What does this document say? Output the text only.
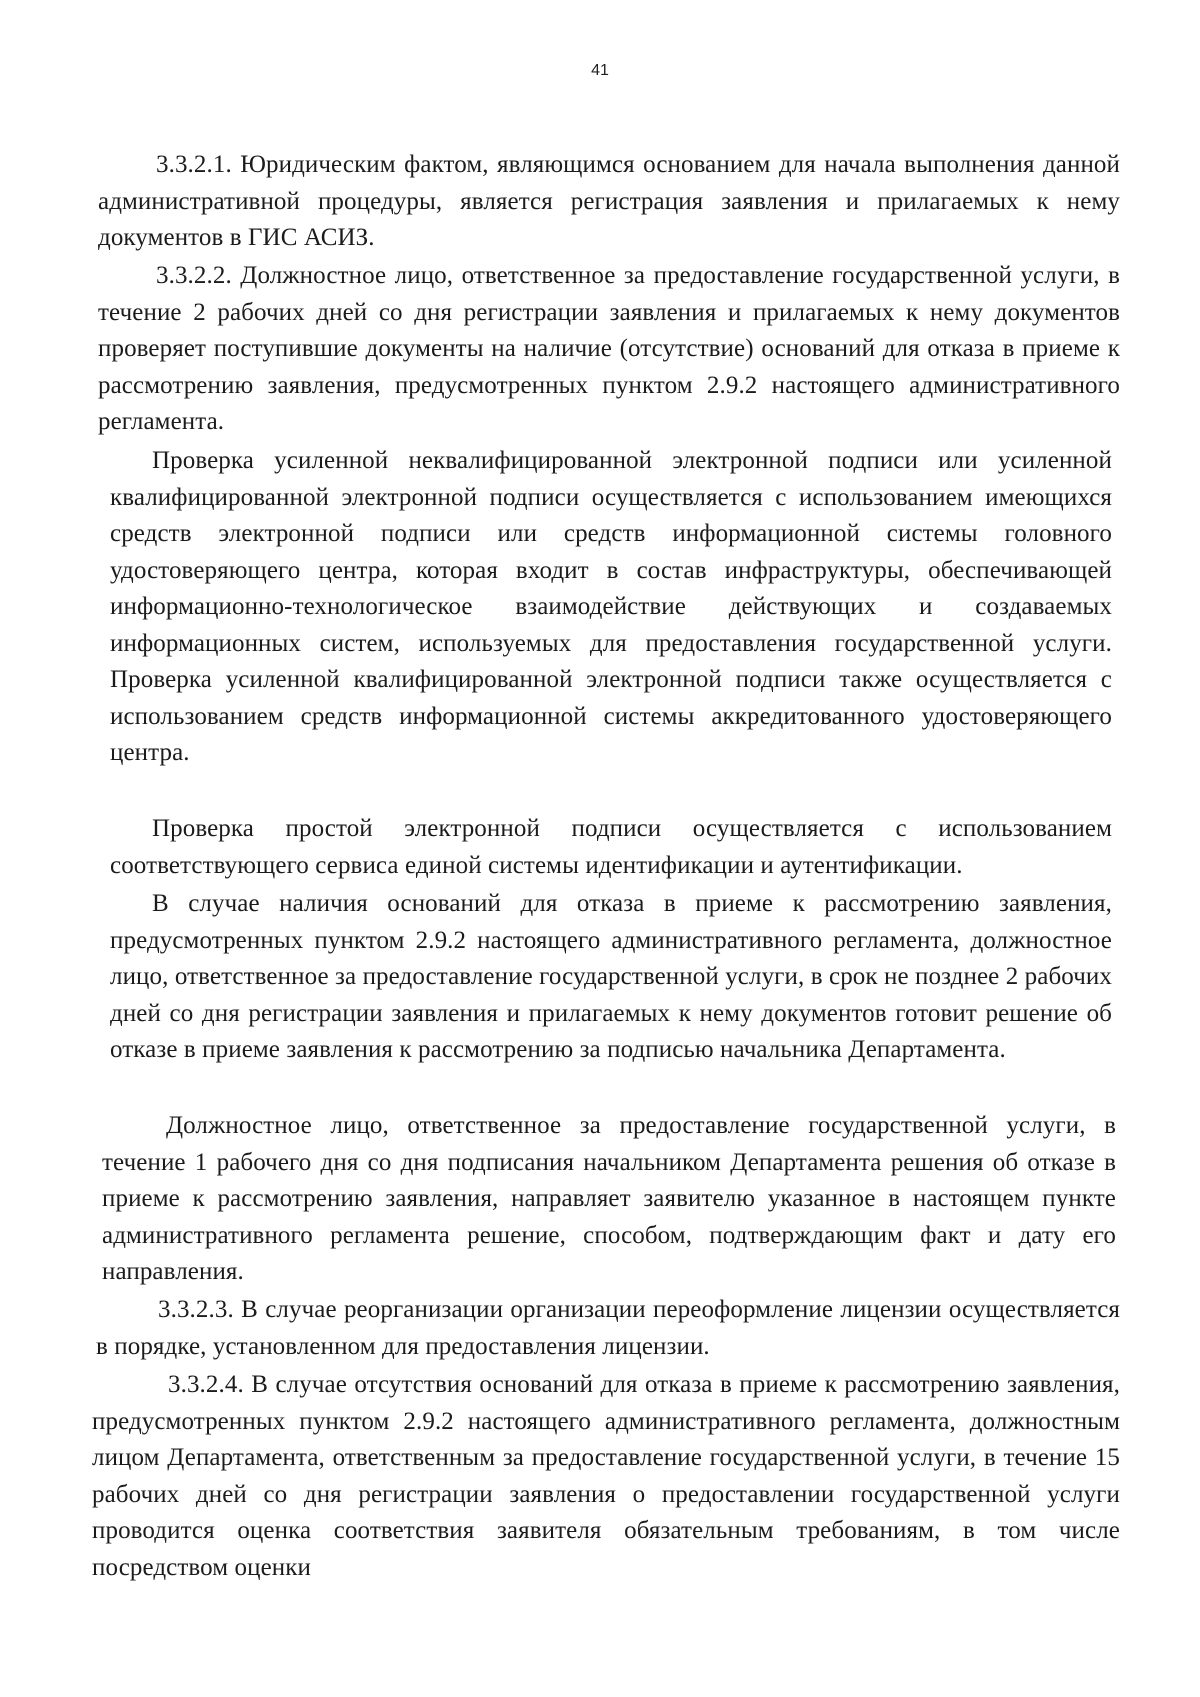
41

3.3.2.1. Юридическим фактом, являющимся основанием для начала выполнения данной административной процедуры, является регистрация заявления и прилагаемых к нему документов в ГИС АСИЗ.

3.3.2.2. Должностное лицо, ответственное за предоставление государственной услуги, в течение 2 рабочих дней со дня регистрации заявления и прилагаемых к нему документов проверяет поступившие документы на наличие (отсутствие) оснований для отказа в приеме к рассмотрению заявления, предусмотренных пунктом 2.9.2 настоящего административного регламента.

Проверка усиленной неквалифицированной электронной подписи или усиленной квалифицированной электронной подписи осуществляется с использованием имеющихся средств электронной подписи или средств информационной системы головного удостоверяющего центра, которая входит в состав инфраструктуры, обеспечивающей информационно-технологическое взаимодействие действующих и создаваемых информационных систем, используемых для предоставления государственной услуги. Проверка усиленной квалифицированной электронной подписи также осуществляется с использованием средств информационной системы аккредитованного удостоверяющего центра.

Проверка простой электронной подписи осуществляется с использованием соответствующего сервиса единой системы идентификации и аутентификации.

В случае наличия оснований для отказа в приеме к рассмотрению заявления, предусмотренных пунктом 2.9.2 настоящего административного регламента, должностное лицо, ответственное за предоставление государственной услуги, в срок не позднее 2 рабочих дней со дня регистрации заявления и прилагаемых к нему документов готовит решение об отказе в приеме заявления к рассмотрению за подписью начальника Департамента.

Должностное лицо, ответственное за предоставление государственной услуги, в течение 1 рабочего дня со дня подписания начальником Департамента решения об отказе в приеме к рассмотрению заявления, направляет заявителю указанное в настоящем пункте административного регламента решение, способом, подтверждающим факт и дату его направления.

3.3.2.3. В случае реорганизации организации переоформление лицензии осуществляется в порядке, установленном для предоставления лицензии.

3.3.2.4. В случае отсутствия оснований для отказа в приеме к рассмотрению заявления, предусмотренных пунктом 2.9.2 настоящего административного регламента, должностным лицом Департамента, ответственным за предоставление государственной услуги, в течение 15 рабочих дней со дня регистрации заявления о предоставлении государственной услуги проводится оценка соответствия заявителя обязательным требованиям, в том числе посредством оценки
